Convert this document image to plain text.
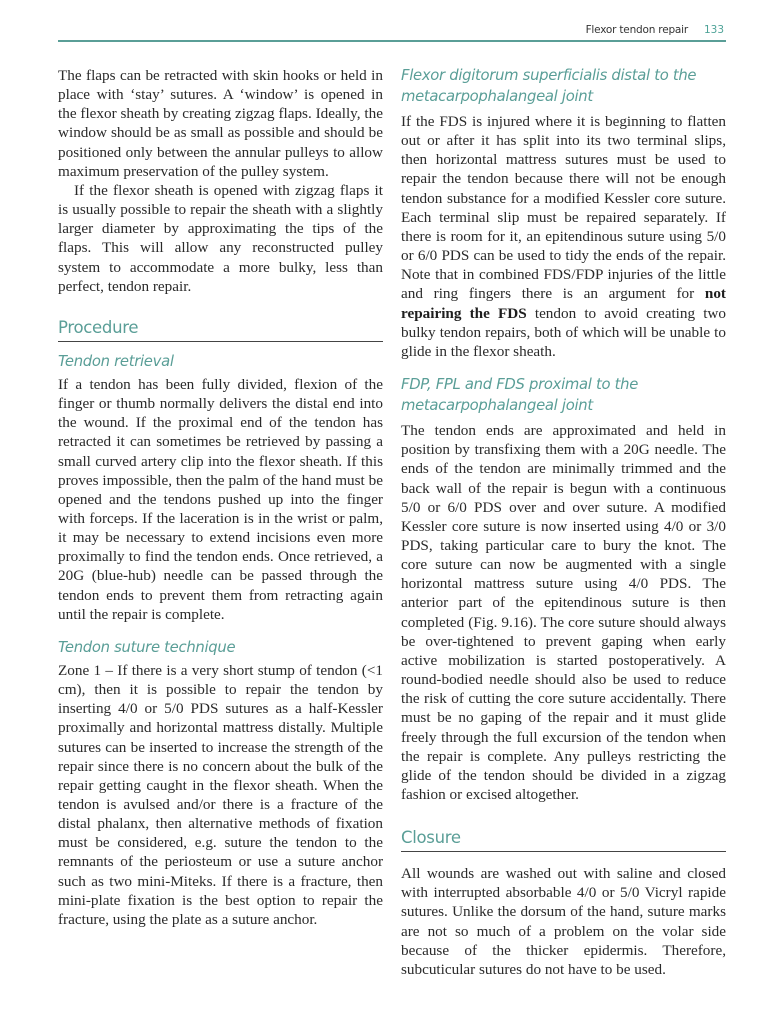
Flexor tendon repair 133

The flaps can be retracted with skin hooks or held in place with ‘stay’ sutures. A ‘window’ is opened in the flexor sheath by creating zigzag flaps. Ideally, the window should be as small as possible and should be positioned only between the annular pulleys to allow maximum preservation of the pulley system.

If the flexor sheath is opened with zigzag flaps it is usually possible to repair the sheath with a slightly larger diameter by approximating the tips of the flaps. This will allow any reconstructed pulley system to accommodate a more bulky, less than perfect, tendon repair.

Procedure
Tendon retrieval

If a tendon has been fully divided, flexion of the finger or thumb normally delivers the distal end into the wound. If the proximal end of the tendon has retracted it can sometimes be retrieved by passing a small curved artery clip into the flexor sheath. If this proves impossible, then the palm of the hand must be opened and the tendons pushed up into the finger with forceps. If the laceration is in the wrist or palm, it may be necessary to extend incisions even more proximally to find the tendon ends. Once retrieved, a 20G (blue-hub) needle can be passed through the tendon ends to prevent them from retracting again until the repair is complete.

Tendon suture technique

Zone 1 – If there is a very short stump of tendon (<1 cm), then it is possible to repair the tendon by inserting 4/0 or 5/0 PDS sutures as a half-Kessler proximally and horizontal mattress distally. Multiple sutures can be inserted to increase the strength of the repair since there is no concern about the bulk of the repair getting caught in the flexor sheath. When the tendon is avulsed and/or there is a fracture of the distal phalanx, then alternative methods of fixation must be considered, e.g. suture the tendon to the remnants of the periosteum or use a suture anchor such as two mini-Miteks. If there is a fracture, then mini-plate fixation is the best option to repair the fracture, using the plate as a suture anchor.

Flexor digitorum superficialis distal to the metacarpophalangeal joint

If the FDS is injured where it is beginning to flatten out or after it has split into its two terminal slips, then horizontal mattress sutures must be used to repair the tendon because there will not be enough tendon substance for a modified Kessler core suture. Each terminal slip must be repaired separately. If there is room for it, an epitendinous suture using 5/0 or 6/0 PDS can be used to tidy the ends of the repair. Note that in combined FDS/FDP injuries of the little and ring fingers there is an argument for not repairing the FDS tendon to avoid creating two bulky tendon repairs, both of which will be unable to glide in the flexor sheath.

FDP, FPL and FDS proximal to the metacarpophalangeal joint

The tendon ends are approximated and held in position by transfixing them with a 20G needle. The ends of the tendon are minimally trimmed and the back wall of the repair is begun with a continuous 5/0 or 6/0 PDS over and over suture. A modified Kessler core suture is now inserted using 4/0 or 3/0 PDS, taking particular care to bury the knot. The core suture can now be augmented with a single horizontal mattress suture using 4/0 PDS. The anterior part of the epitendinous suture is then completed (Fig. 9.16). The core suture should always be over-tightened to prevent gaping when early active mobilization is started postoperatively. A round-bodied needle should also be used to reduce the risk of cutting the core suture accidentally. There must be no gaping of the repair and it must glide freely through the full excursion of the tendon when the repair is complete. Any pulleys restricting the glide of the tendon should be divided in a zigzag fashion or excised altogether.

Closure

All wounds are washed out with saline and closed with interrupted absorbable 4/0 or 5/0 Vicryl rapide sutures. Unlike the dorsum of the hand, suture marks are not so much of a problem on the volar side because of the thicker epidermis. Therefore, subcuticular sutures do not have to be used.
